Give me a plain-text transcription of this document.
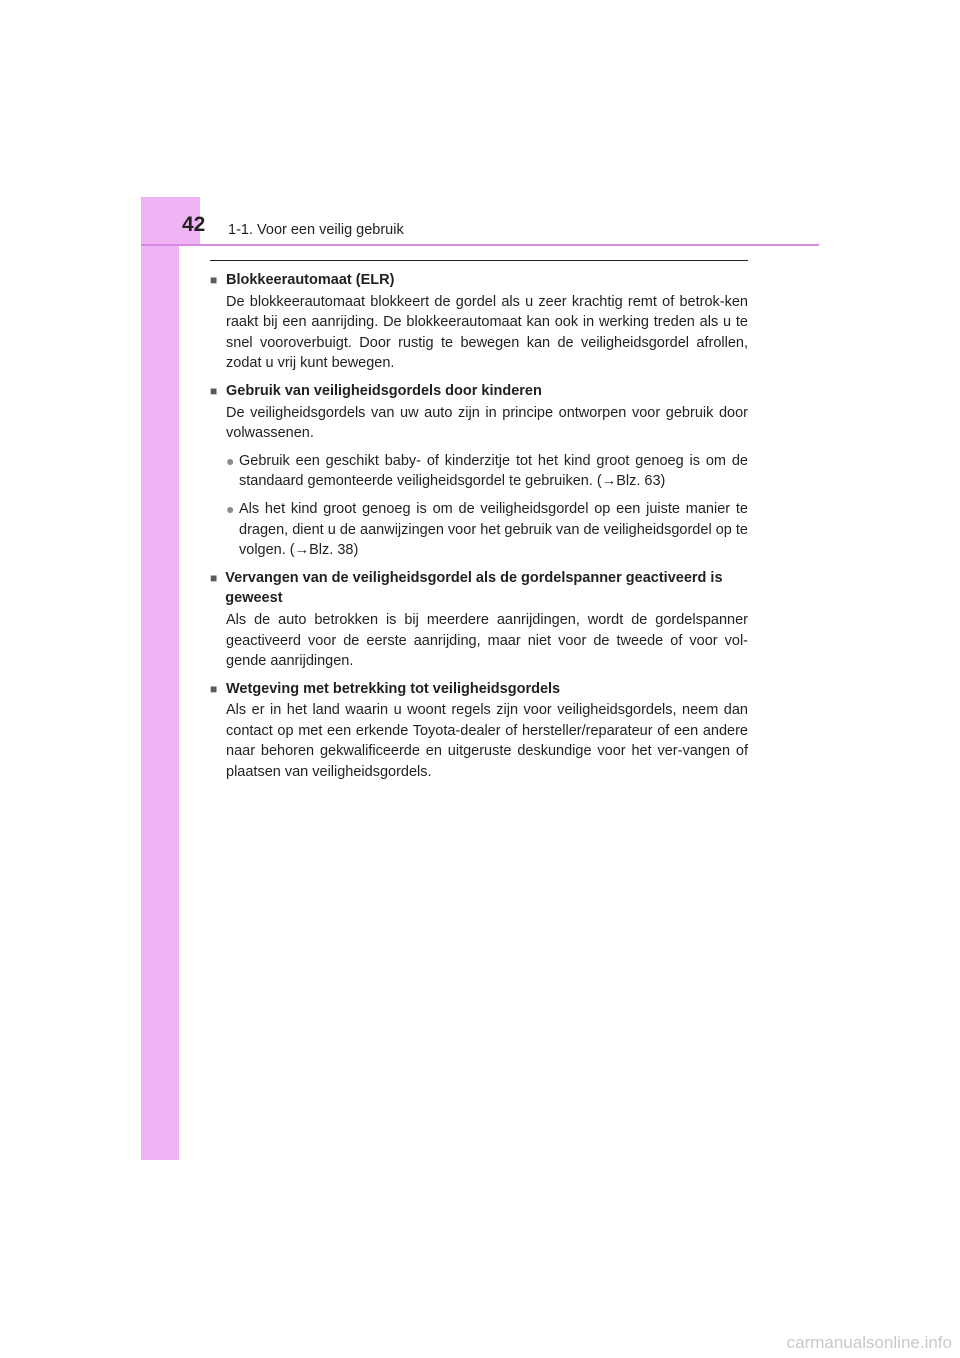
42 1-1. Voor een veilig gebruik
■ Blokkeerautomaat (ELR)
De blokkeerautomaat blokkeert de gordel als u zeer krachtig remt of betrok-ken raakt bij een aanrijding. De blokkeerautomaat kan ook in werking treden als u te snel vooroverbuigt. Door rustig te bewegen kan de veiligheidsgordel afrollen, zodat u vrij kunt bewegen.
■ Gebruik van veiligheidsgordels door kinderen
De veiligheidsgordels van uw auto zijn in principe ontworpen voor gebruik door volwassenen.
● Gebruik een geschikt baby- of kinderzitje tot het kind groot genoeg is om de standaard gemonteerde veiligheidsgordel te gebruiken. (→Blz. 63)
● Als het kind groot genoeg is om de veiligheidsgordel op een juiste manier te dragen, dient u de aanwijzingen voor het gebruik van de veiligheidsgordel op te volgen. (→Blz. 38)
■ Vervangen van de veiligheidsgordel als de gordelspanner geactiveerd is geweest
Als de auto betrokken is bij meerdere aanrijdingen, wordt de gordelspanner geactiveerd voor de eerste aanrijding, maar niet voor de tweede of voor vol-gende aanrijdingen.
■ Wetgeving met betrekking tot veiligheidsgordels
Als er in het land waarin u woont regels zijn voor veiligheidsgordels, neem dan contact op met een erkende Toyota-dealer of hersteller/reparateur of een andere naar behoren gekwalificeerde en uitgeruste deskundige voor het ver-vangen of plaatsen van veiligheidsgordels.
carmanualsonline.info
